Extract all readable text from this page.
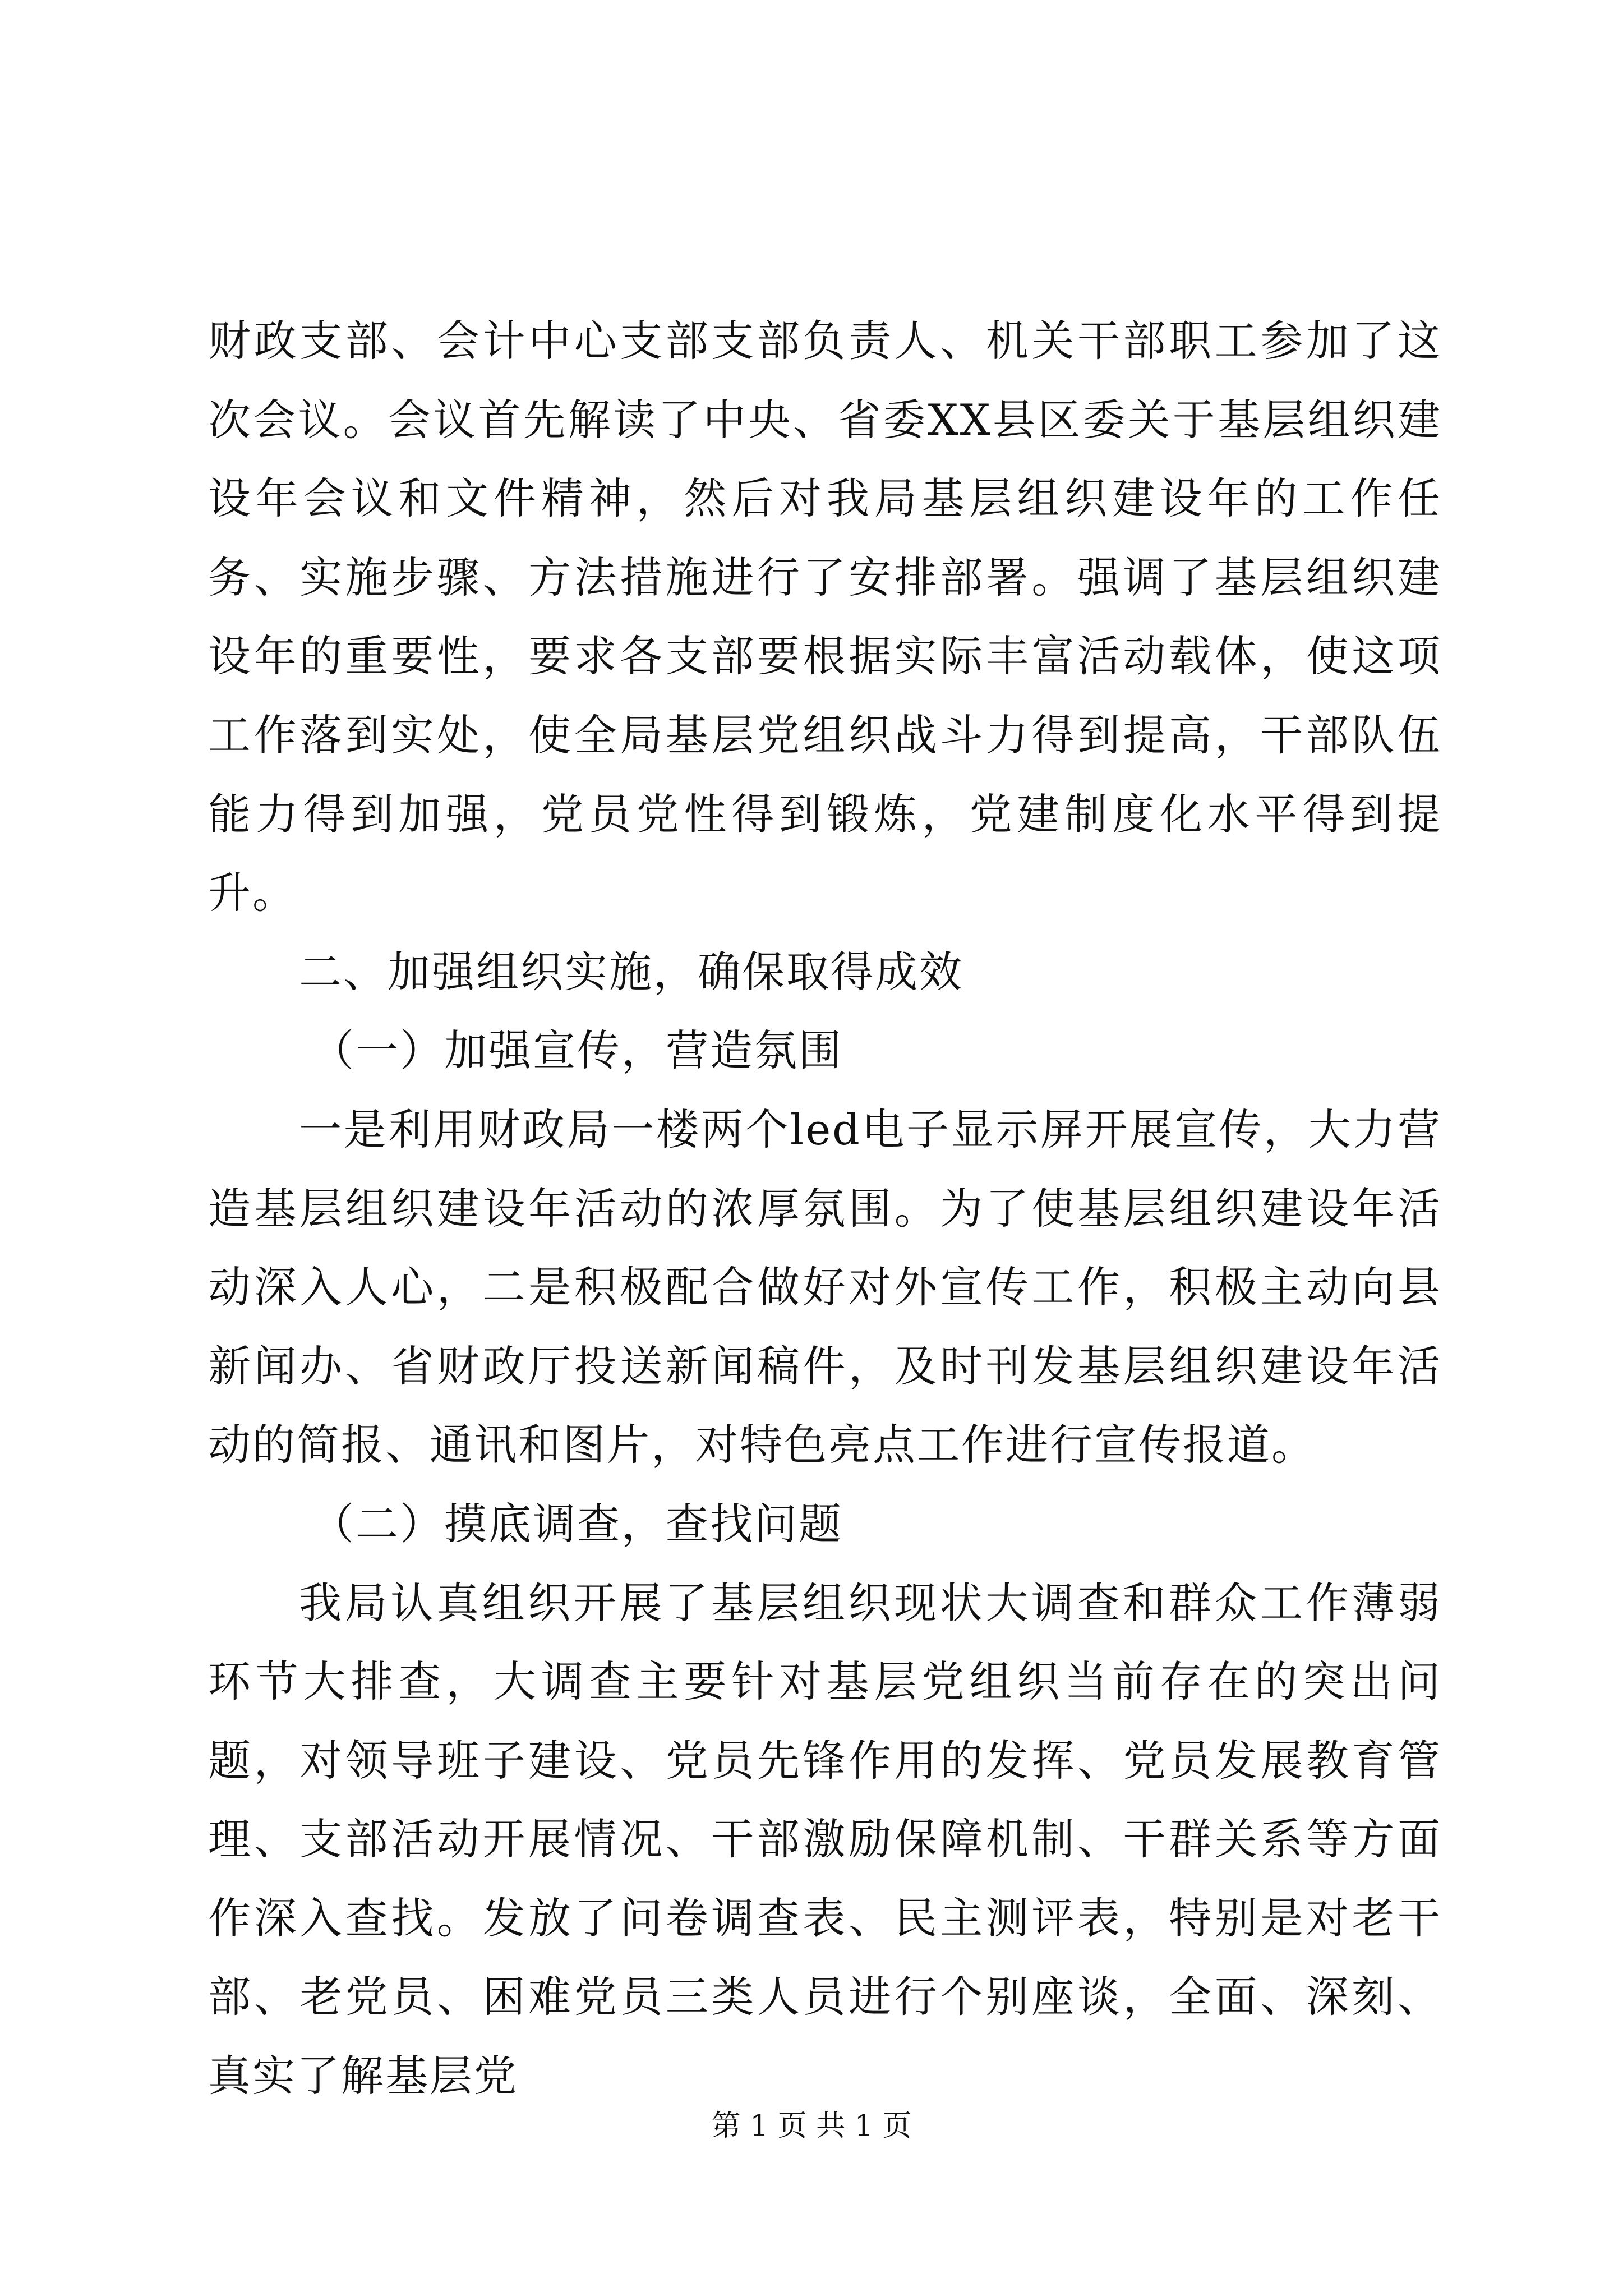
财政支部、会计中心支部支部负责人、机关干部职工参加了这次会议。会议首先解读了中央、省委XX县区委关于基层组织建设年会议和文件精神，然后对我局基层组织建设年的工作任务、实施步骤、方法措施进行了安排部署。强调了基层组织建设年的重要性，要求各支部要根据实际丰富活动载体，使这项工作落到实处，使全局基层党组织战斗力得到提高，干部队伍能力得到加强，党员党性得到锻炼，党建制度化水平得到提升。

二、加强组织实施，确保取得成效

（一）加强宣传，营造氛围

一是利用财政局一楼两个led电子显示屏开展宣传，大力营造基层组织建设年活动的浓厚氛围。为了使基层组织建设年活动深入人心，二是积极配合做好对外宣传工作，积极主动向县新闻办、省财政厅投送新闻稿件，及时刊发基层组织建设年活动的简报、通讯和图片，对特色亮点工作进行宣传报道。

（二）摸底调查，查找问题

我局认真组织开展了基层组织现状大调查和群众工作薄弱环节大排查，大调查主要针对基层党组织当前存在的突出问题，对领导班子建设、党员先锋作用的发挥、党员发展教育管理、支部活动开展情况、干部激励保障机制、干群关系等方面作深入查找。发放了问卷调查表、民主测评表，特别是对老干部、老党员、困难党员三类人员进行个别座谈，全面、深刻、真实了解基层党

第 1 页 共 1 页
